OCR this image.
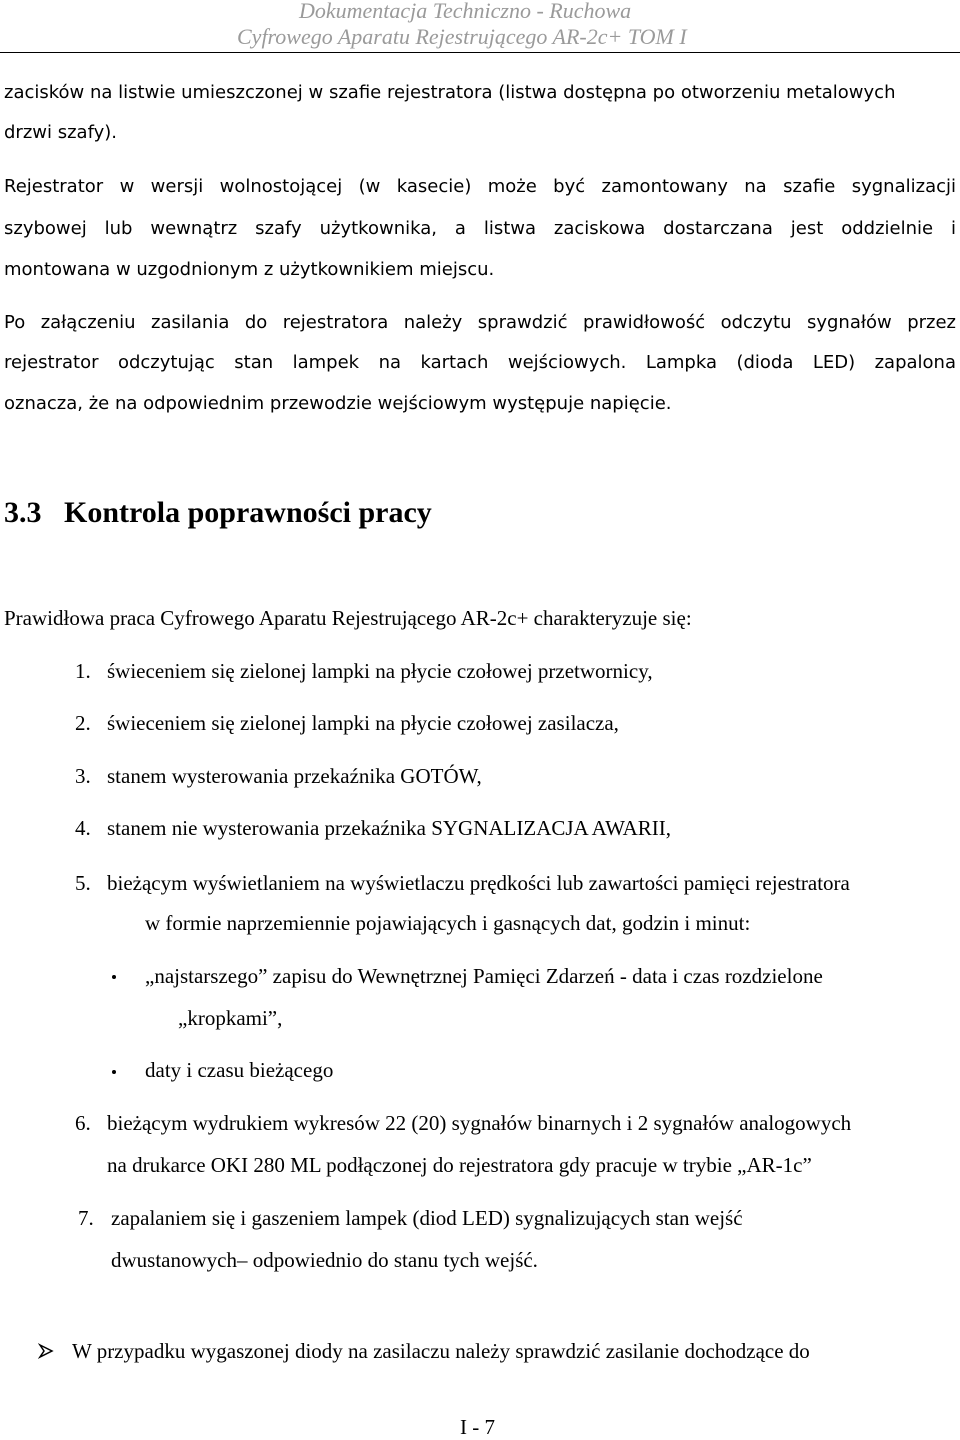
Dokumentacja Techniczno - Ruchowa
Cyfrowego Aparatu Rejestrującego AR-2c+ TOM I
zacisków na listwie umieszczonej w szafie rejestratora (listwa dostępna po otworzeniu metalowych
drzwi szafy).
Rejestrator w wersji wolnostojącej (w kasecie) może być zamontowany na szafie sygnalizacji
szybowej lub wewnątrz szafy użytkownika, a listwa zaciskowa dostarczana jest oddzielnie i
montowana w uzgodnionym z użytkownikiem miejscu.
Po załączeniu zasilania do rejestratora należy sprawdzić prawidłowość odczytu sygnałów przez
rejestrator odczytując stan lampek na kartach wejściowych. Lampka (dioda LED) zapalona
oznacza, że na odpowiednim przewodzie wejściowym występuje napięcie.
3.3 Kontrola poprawności pracy
Prawidłowa praca Cyfrowego Aparatu Rejestrującego AR-2c+ charakteryzuje się:
1. świeceniem się zielonej lampki na płycie czołowej przetwornicy,
2. świeceniem się zielonej lampki na płycie czołowej zasilacza,
3. stanem wysterowania przekaźnika GOTÓW,
4. stanem nie wysterowania przekaźnika SYGNALIZACJA AWARII,
5. bieżącym wyświetlaniem na wyświetlaczu prędkości lub zawartości pamięci rejestratora
w formie naprzemiennie pojawiających i gasnących dat, godzin i minut:
„najstarszego” zapisu do Wewnętrznej Pamięci Zdarzeń - data i czas rozdzielone
„kropkami”,
daty i czasu bieżącego
6. bieżącym wydrukiem wykresów 22 (20) sygnałów binarnych i 2 sygnałów analogowych
na drukarce OKI 280 ML podłączonej do rejestratora gdy pracuje w trybie „AR-1c”
7. zapalaniem się i gaszeniem lampek (diod LED) sygnalizujących stan wejść
dwustanowych– odpowiednio do stanu tych wejść.
W przypadku wygaszonej diody na zasilaczu należy sprawdzić zasilanie dochodzące do
I - 7
